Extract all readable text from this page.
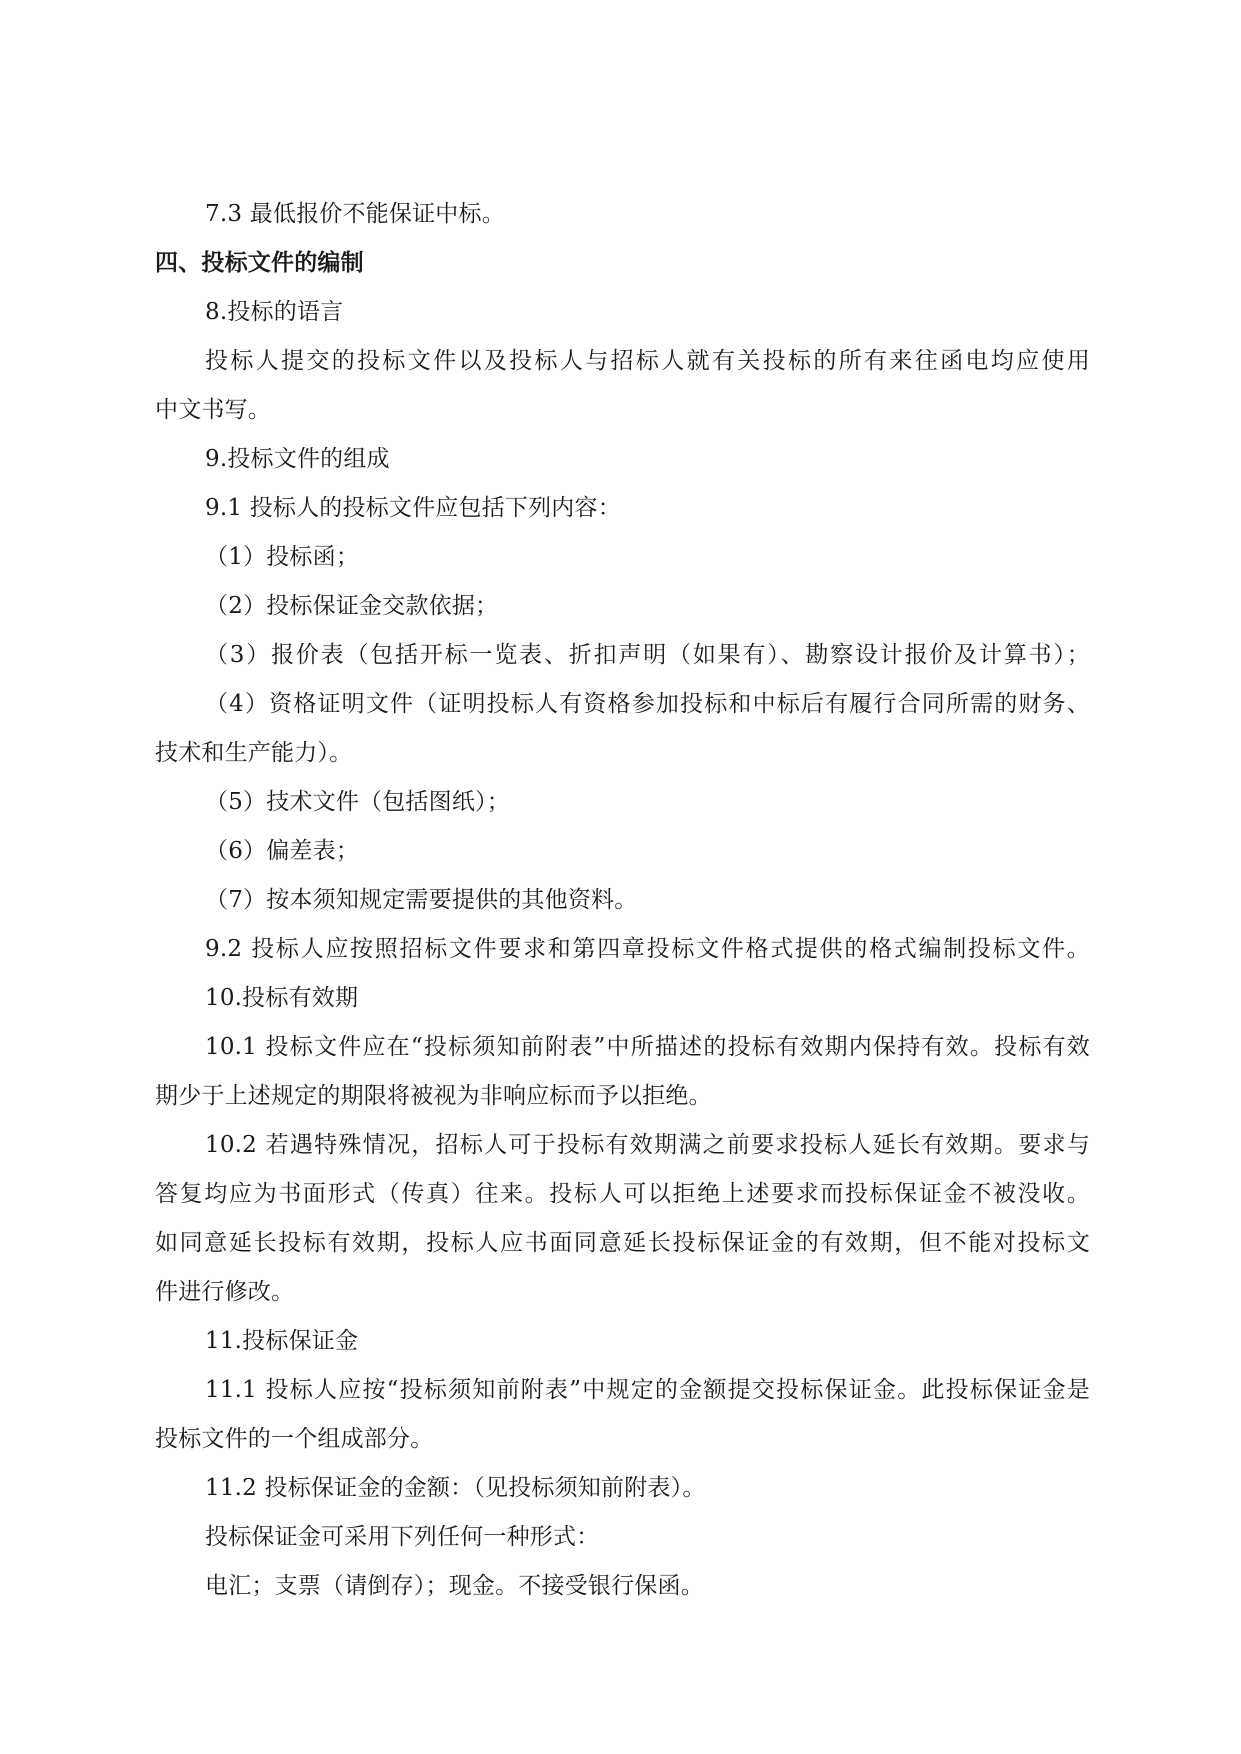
7.3 最低报价不能保证中标。

四、投标文件的编制

8.投标的语言

投标人提交的投标文件以及投标人与招标人就有关投标的所有来往函电均应使用

中文书写。

9.投标文件的组成

9.1 投标人的投标文件应包括下列内容：

（1）投标函；

（2）投标保证金交款依据；

（3）报价表（包括开标一览表、折扣声明（如果有）、勘察设计报价及计算书）；

（4）资格证明文件（证明投标人有资格参加投标和中标后有履行合同所需的财务、

技术和生产能力）。

（5）技术文件（包括图纸）；

（6）偏差表；

（7）按本须知规定需要提供的其他资料。

9.2 投标人应按照招标文件要求和第四章投标文件格式提供的格式编制投标文件。

10.投标有效期

10.1 投标文件应在“投标须知前附表”中所描述的投标有效期内保持有效。投标有效

期少于上述规定的期限将被视为非响应标而予以拒绝。

10.2 若遇特殊情况，招标人可于投标有效期满之前要求投标人延长有效期。要求与

答复均应为书面形式（传真）往来。投标人可以拒绝上述要求而投标保证金不被没收。

如同意延长投标有效期，投标人应书面同意延长投标保证金的有效期，但不能对投标文

件进行修改。

11.投标保证金

11.1 投标人应按“投标须知前附表”中规定的金额提交投标保证金。此投标保证金是

投标文件的一个组成部分。

11.2 投标保证金的金额：（见投标须知前附表）。

投标保证金可采用下列任何一种形式：

电汇；支票（请倒存）；现金。不接受银行保函。
